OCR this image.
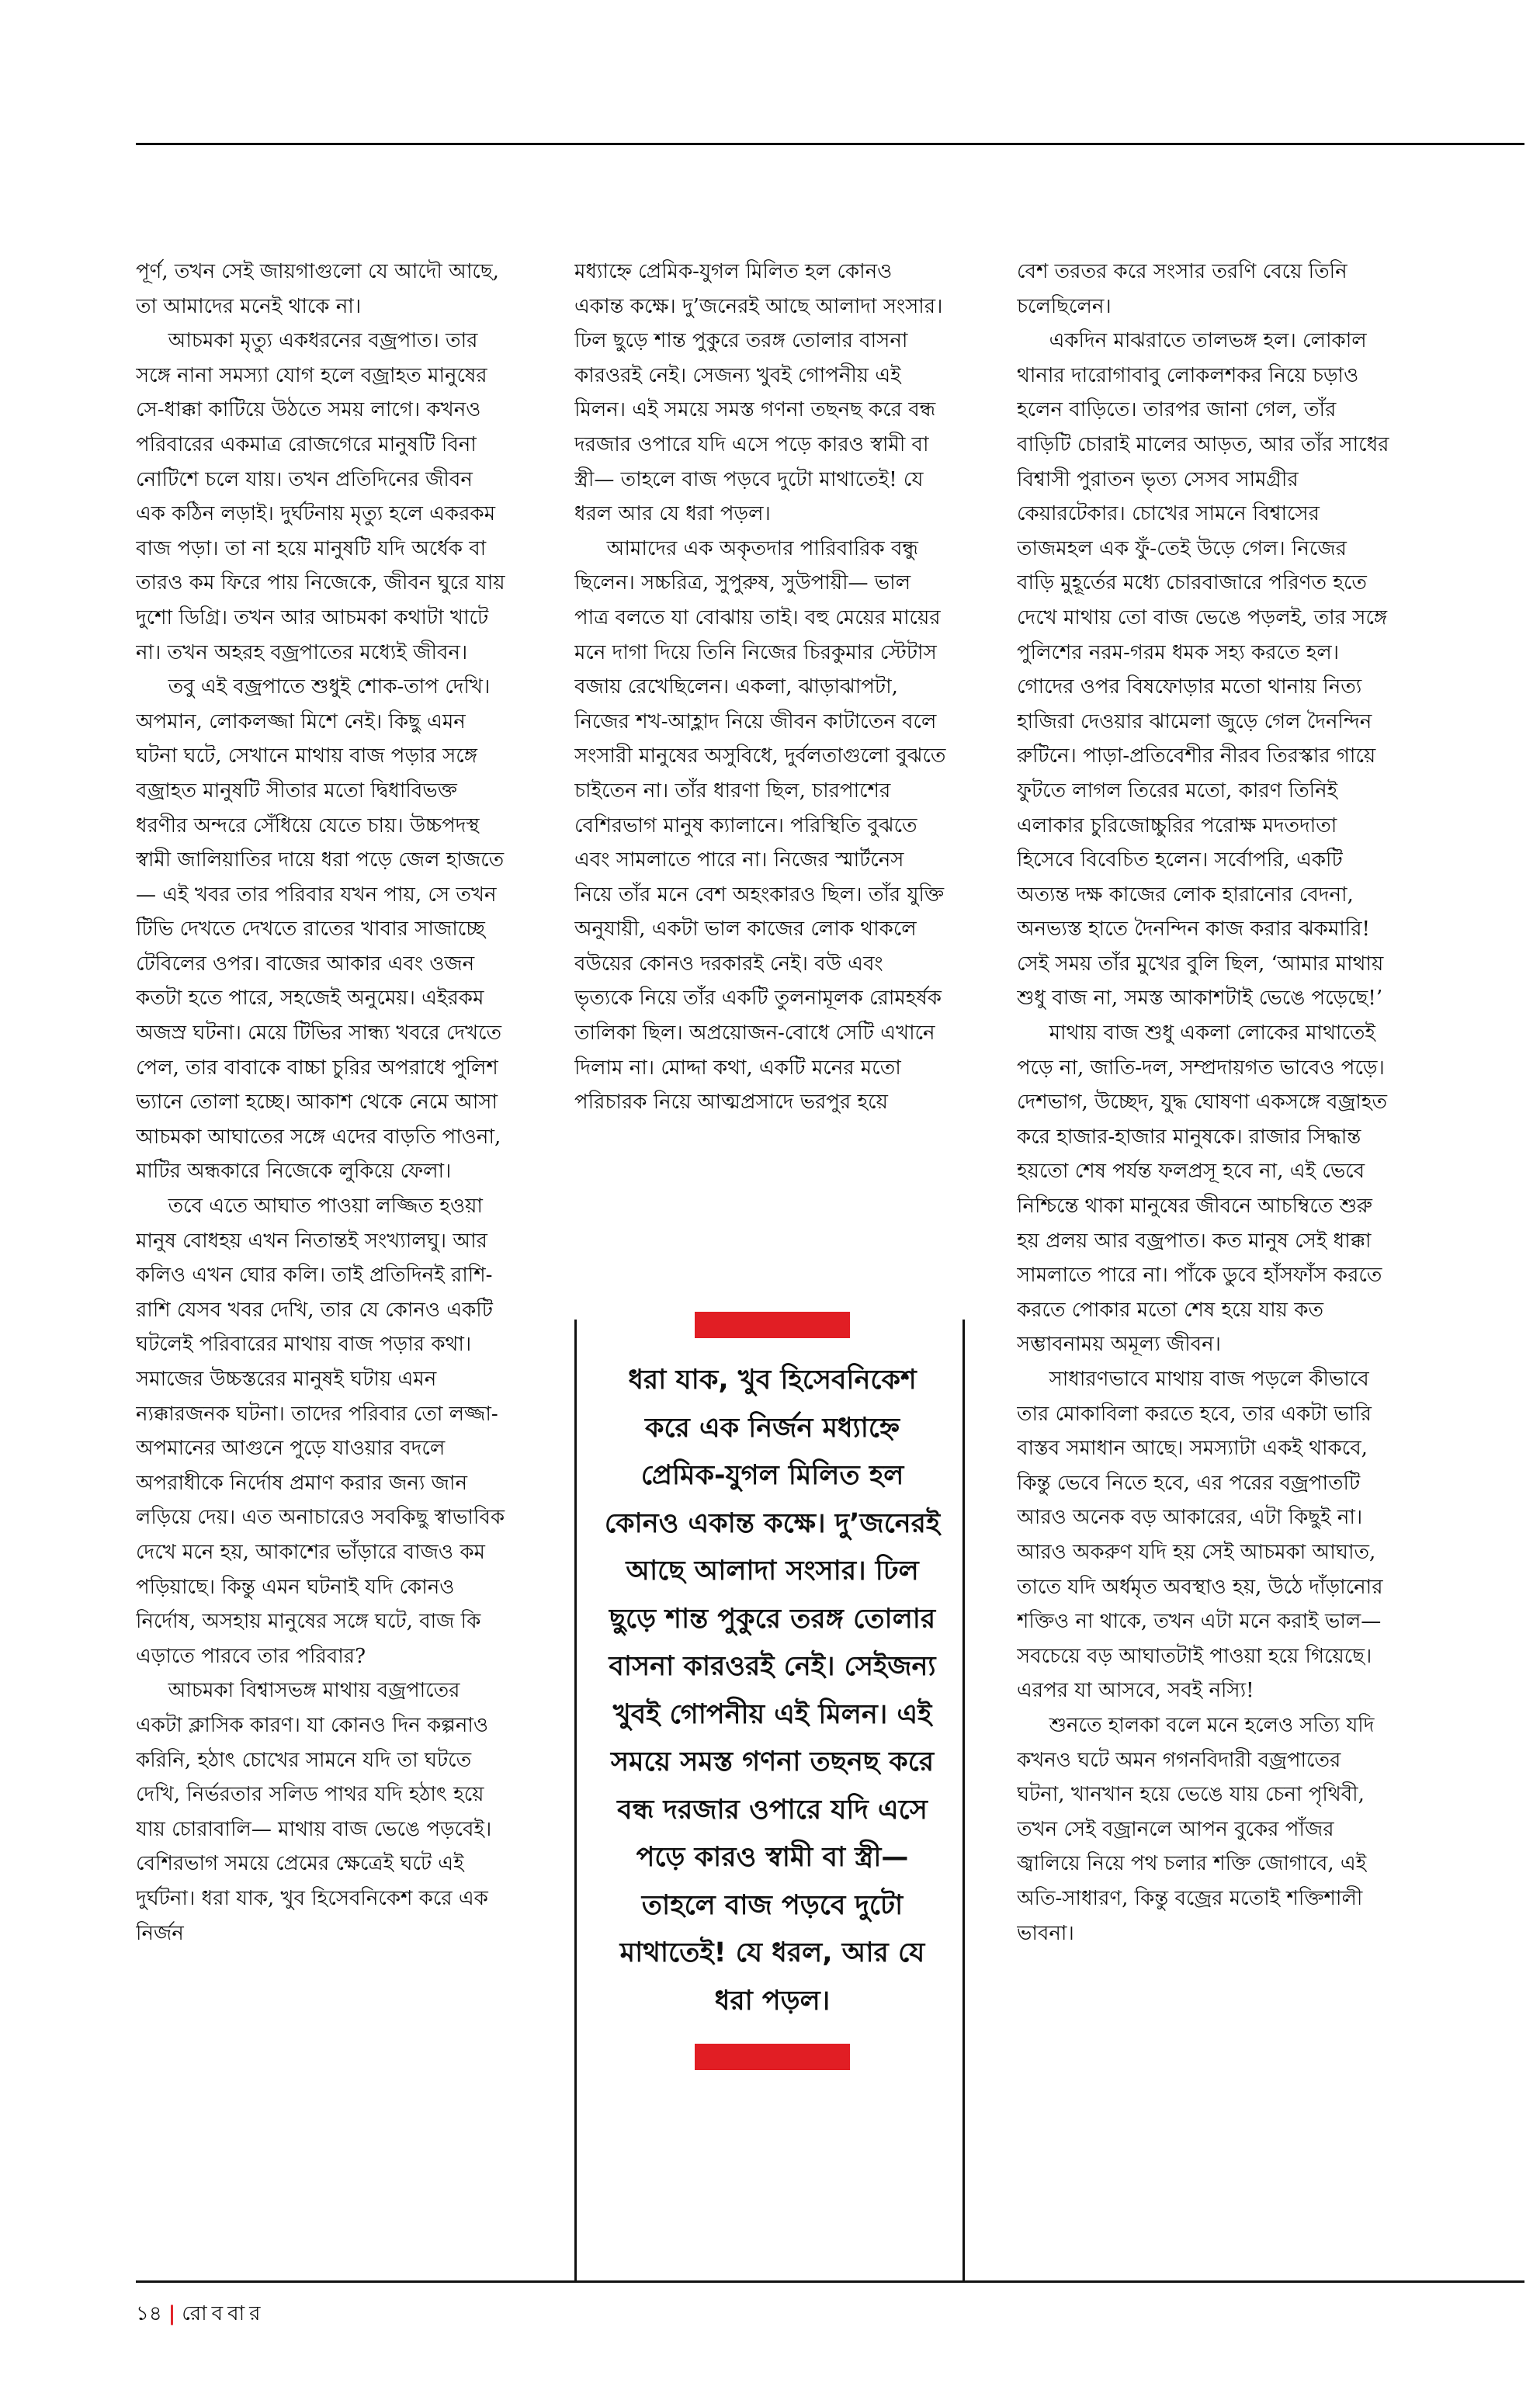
পূর্ণ, তখন সেই জায়গাগুলো যে আদৌ আছে, তা আমাদের মনেই থাকে না।

আচমকা মৃত্যু একধরনের বজ্রপাত। তার সঙ্গে নানা সমস্যা যোগ হলে বজ্রাহত মানুষের সে-ধাক্কা কাটিয়ে উঠতে সময় লাগে। কখনও পরিবারের একমাত্র রোজগেরে মানুষটি বিনা নোটিশে চলে যায়। তখন প্রতিদিনের জীবন এক কঠিন লড়াই। দুর্ঘটনায় মৃত্যু হলে একরকম বাজ পড়া। তা না হয়ে মানুষটি যদি অর্ধেক বা তারও কম ফিরে পায় নিজেকে, জীবন ঘুরে যায় দুশো ডিগ্রি। তখন আর আচমকা কথাটা খাটে না। তখন অহরহ বজ্রপাতের মধ্যেই জীবন।

তবু এই বজ্রপাতে শুধুই শোক-তাপ দেখি। অপমান, লোকলজ্জা মিশে নেই। কিছু এমন ঘটনা ঘটে, সেখানে মাথায় বাজ পড়ার সঙ্গে বজ্রাহত মানুষটি সীতার মতো দ্বিধাবিভক্ত ধরণীর অন্দরে সেঁধিয়ে যেতে চায়। উচ্চপদস্থ স্বামী জালিয়াতির দায়ে ধরা পড়ে জেল হাজতে— এই খবর তার পরিবার যখন পায়, সে তখন টিভি দেখতে দেখতে রাতের খাবার সাজাচ্ছে টেবিলের ওপর। বাজের আকার এবং ওজন কতটা হতে পারে, সহজেই অনুমেয়। এইরকম অজস্র ঘটনা। মেয়ে টিভির সান্ধ্য খবরে দেখতে পেল, তার বাবাকে বাচ্চা চুরির অপরাধে পুলিশ ভ্যানে তোলা হচ্ছে। আকাশ থেকে নেমে আসা আচমকা আঘাতের সঙ্গে এদের বাড়তি পাওনা, মাটির অন্ধকারে নিজেকে লুকিয়ে ফেলা।

তবে এতে আঘাত পাওয়া লজ্জিত হওয়া মানুষ বোধহয় এখন নিতান্তই সংখ্যালঘু। আর কলিও এখন ঘোর কলি। তাই প্রতিদিনই রাশি-রাশি যেসব খবর দেখি, তার যে কোনও একটি ঘটলেই পরিবারের মাথায় বাজ পড়ার কথা। সমাজের উচ্চস্তরের মানুষই ঘটায় এমন ন্যক্কারজনক ঘটনা। তাদের পরিবার তো লজ্জা-অপমানের আগুনে পুড়ে যাওয়ার বদলে অপরাধীকে নির্দোষ প্রমাণ করার জন্য জান লড়িয়ে দেয়। এত অনাচারেও সবকিছু স্বাভাবিক দেখে মনে হয়, আকাশের ভাঁড়ারে বাজও কম পড়িয়াছে। কিন্তু এমন ঘটনাই যদি কোনও নির্দোষ, অসহায় মানুষের সঙ্গে ঘটে, বাজ কি এড়াতে পারবে তার পরিবার?

আচমকা বিশ্বাসভঙ্গ মাথায় বজ্রপাতের একটা ক্লাসিক কারণ। যা কোনও দিন কল্পনাও করিনি, হঠাৎ চোখের সামনে যদি তা ঘটতে দেখি, নির্ভরতার সলিড পাথর যদি হঠাৎ হয়ে যায় চোরাবালি— মাথায় বাজ ভেঙে পড়বেই। বেশিরভাগ সময়ে প্রেমের ক্ষেত্রেই ঘটে এই দুর্ঘটনা। ধরা যাক, খুব হিসেবনিকেশ করে এক নির্জন

মধ্যাহ্নে প্রেমিক-যুগল মিলিত হল কোনও একান্ত কক্ষে। দু’জনেরই আছে আলাদা সংসার। ঢিল ছুড়ে শান্ত পুকুরে তরঙ্গ তোলার বাসনা কারওরই নেই। সেজন্য খুবই গোপনীয় এই মিলন। এই সময়ে সমস্ত গণনা তছনছ করে বন্ধ দরজার ওপারে যদি এসে পড়ে কারও স্বামী বা স্ত্রী— তাহলে বাজ পড়বে দুটো মাথাতেই! যে ধরল আর যে ধরা পড়ল।

আমাদের এক অকৃতদার পারিবারিক বন্ধু ছিলেন। সচ্চরিত্র, সুপুরুষ, সুউপায়ী— ভাল পাত্র বলতে যা বোঝায় তাই। বহু মেয়ের মায়ের মনে দাগা দিয়ে তিনি নিজের চিরকুমার স্টেটাস বজায় রেখেছিলেন। একলা, ঝাড়াঝাপটা, নিজের শখ-আহ্লাদ নিয়ে জীবন কাটাতেন বলে সংসারী মানুষের অসুবিধে, দুর্বলতাগুলো বুঝতে চাইতেন না। তাঁর ধারণা ছিল, চারপাশের বেশিরভাগ মানুষ ক্যালানে। পরিস্থিতি বুঝতে এবং সামলাতে পারে না। নিজের স্মার্টনেস নিয়ে তাঁর মনে বেশ অহংকারও ছিল। তাঁর যুক্তি অনুযায়ী, একটা ভাল কাজের লোক থাকলে বউয়ের কোনও দরকারই নেই। বউ এবং ভৃত্যকে নিয়ে তাঁর একটি তুলনামূলক রোমহর্ষক তালিকা ছিল। অপ্রয়োজন-বোধে সেটি এখানে দিলাম না। মোদ্দা কথা, একটি মনের মতো পরিচারক নিয়ে আত্মপ্রসাদে ভরপুর হয়ে

ধরা যাক, খুব হিসেবনিকেশ করে এক নির্জন মধ্যাহ্নে প্রেমিক-যুগল মিলিত হল কোনও একান্ত কক্ষে। দু’জনেরই আছে আলাদা সংসার। ঢিল ছুড়ে শান্ত পুকুরে তরঙ্গ তোলার বাসনা কারওরই নেই। সেইজন্য খুবই গোপনীয় এই মিলন। এই সময়ে সমস্ত গণনা তছনছ করে বন্ধ দরজার ওপারে যদি এসে পড়ে কারও স্বামী বা স্ত্রী— তাহলে বাজ পড়বে দুটো মাথাতেই! যে ধরল, আর যে ধরা পড়ল।

বেশ তরতর করে সংসার তরণি বেয়ে তিনি চলেছিলেন।

একদিন মাঝরাতে তালভঙ্গ হল। লোকাল থানার দারোগাবাবু লোকলশকর নিয়ে চড়াও হলেন বাড়িতে। তারপর জানা গেল, তাঁর বাড়িটি চোরাই মালের আড়ত, আর তাঁর সাধের বিশ্বাসী পুরাতন ভৃত্য সেসব সামগ্রীর কেয়ারটেকার। চোখের সামনে বিশ্বাসের তাজমহল এক ফুঁ-তেই উড়ে গেল। নিজের বাড়ি মুহূর্তের মধ্যে চোরবাজারে পরিণত হতে দেখে মাথায় তো বাজ ভেঙে পড়লই, তার সঙ্গে পুলিশের নরম-গরম ধমক সহ্য করতে হল। গোদের ওপর বিষফোড়ার মতো থানায় নিত্য হাজিরা দেওয়ার ঝামেলা জুড়ে গেল দৈনন্দিন রুটিনে। পাড়া-প্রতিবেশীর নীরব তিরস্কার গায়ে ফুটতে লাগল তিরের মতো, কারণ তিনিই এলাকার চুরিজোচ্চুরির পরোক্ষ মদতদাতা হিসেবে বিবেচিত হলেন। সর্বোপরি, একটি অত্যন্ত দক্ষ কাজের লোক হারানোর বেদনা, অনভ্যস্ত হাতে দৈনন্দিন কাজ করার ঝকমারি! সেই সময় তাঁর মুখের বুলি ছিল, ‘আমার মাথায় শুধু বাজ না, সমস্ত আকাশটাই ভেঙে পড়েছে!’

মাথায় বাজ শুধু একলা লোকের মাথাতেই পড়ে না, জাতি-দল, সম্প্রদায়গত ভাবেও পড়ে। দেশভাগ, উচ্ছেদ, যুদ্ধ ঘোষণা একসঙ্গে বজ্রাহত করে হাজার-হাজার মানুষকে। রাজার সিদ্ধান্ত হয়তো শেষ পর্যন্ত ফলপ্রসূ হবে না, এই ভেবে নিশ্চিন্তে থাকা মানুষের জীবনে আচম্বিতে শুরু হয় প্রলয় আর বজ্রপাত। কত মানুষ সেই ধাক্কা সামলাতে পারে না। পাঁকে ডুবে হাঁসফাঁস করতে করতে পোকার মতো শেষ হয়ে যায় কত সম্ভাবনাময় অমূল্য জীবন।

সাধারণভাবে মাথায় বাজ পড়লে কীভাবে তার মোকাবিলা করতে হবে, তার একটা ভারি বাস্তব সমাধান আছে। সমস্যাটা একই থাকবে, কিন্তু ভেবে নিতে হবে, এর পরের বজ্রপাতটি আরও অনেক বড় আকারের, এটা কিছুই না। আরও অকরুণ যদি হয় সেই আচমকা আঘাত, তাতে যদি অর্ধমৃত অবস্থাও হয়, উঠে দাঁড়ানোর শক্তিও না থাকে, তখন এটা মনে করাই ভাল— সবচেয়ে বড় আঘাতটাই পাওয়া হয়ে গিয়েছে। এরপর যা আসবে, সবই নস্যি!

শুনতে হালকা বলে মনে হলেও সত্যি যদি কখনও ঘটে অমন গগনবিদারী বজ্রপাতের ঘটনা, খানখান হয়ে ভেঙে যায় চেনা পৃথিবী, তখন সেই বজ্রানলে আপন বুকের পাঁজর জ্বালিয়ে নিয়ে পথ চলার শক্তি জোগাবে, এই অতি-সাধারণ, কিন্তু বজ্রের মতোই শক্তিশালী ভাবনা।

১৪ | রোববার
